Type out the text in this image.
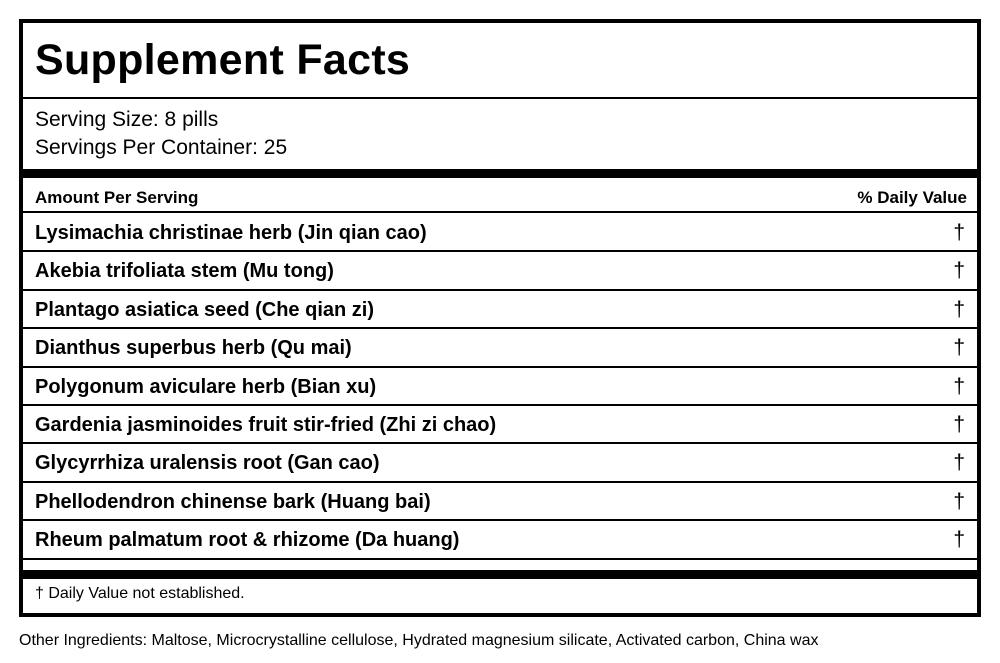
Supplement Facts
Serving Size: 8 pills
Servings Per Container: 25
Amount Per Serving	% Daily Value
Lysimachia christinae herb (Jin qian cao)	†
Akebia trifoliata stem (Mu tong)	†
Plantago asiatica seed (Che qian zi)	†
Dianthus superbus herb (Qu mai)	†
Polygonum aviculare herb (Bian xu)	†
Gardenia jasminoides fruit stir-fried (Zhi zi chao)	†
Glycyrrhiza uralensis root (Gan cao)	†
Phellodendron chinense bark (Huang bai)	†
Rheum palmatum root & rhizome (Da huang)	†
† Daily Value not established.
Other Ingredients: Maltose, Microcrystalline cellulose, Hydrated magnesium silicate, Activated carbon, China wax
